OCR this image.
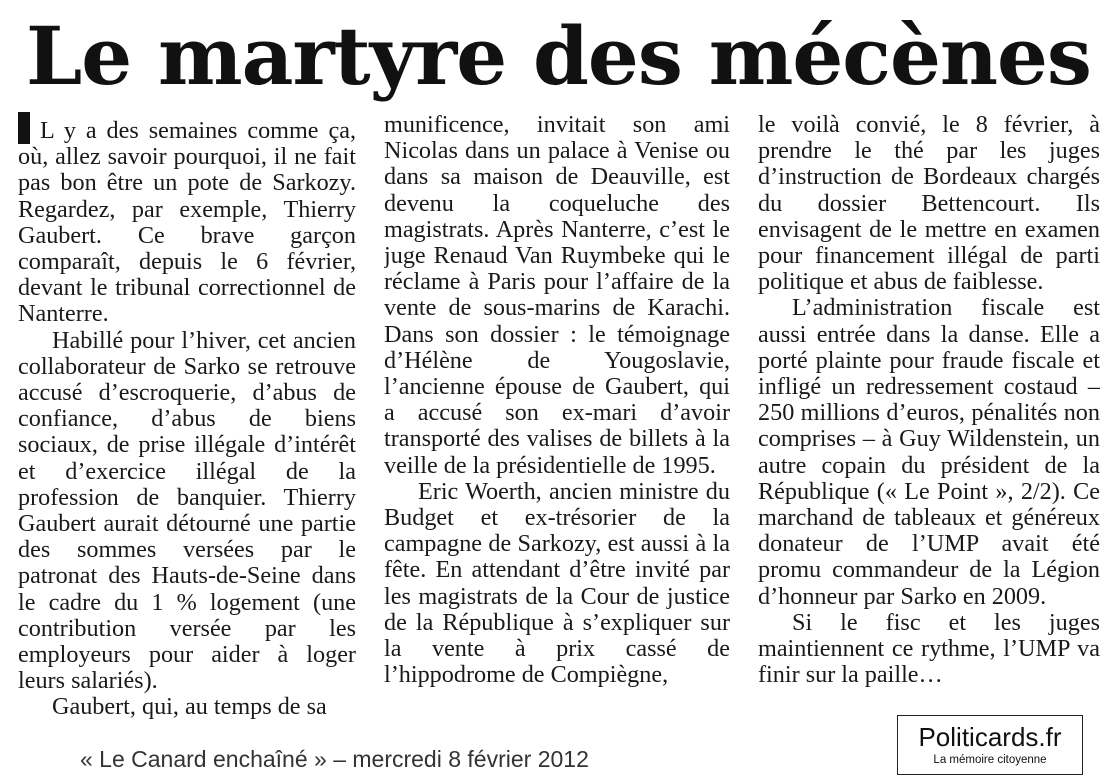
Le martyre des mécènes

L y a des semaines comme ça, où, allez savoir pourquoi, il ne fait pas bon être un pote de Sarkozy. Regardez, par exemple, Thierry Gaubert. Ce brave garçon comparaît, depuis le 6 février, devant le tribunal correctionnel de Nanterre.

Habillé pour l’hiver, cet ancien collaborateur de Sarko se retrouve accusé d’escroquerie, d’abus de confiance, d’abus de biens sociaux, de prise illégale d’intérêt et d’exercice illégal de la profession de banquier. Thierry Gaubert aurait détourné une partie des sommes versées par le patronat des Hauts-de-Seine dans le cadre du 1 % logement (une contribution versée par les employeurs pour aider à loger leurs salariés).

Gaubert, qui, au temps de sa

munificence, invitait son ami Nicolas dans un palace à Venise ou dans sa maison de Deauville, est devenu la coqueluche des magistrats. Après Nanterre, c’est le juge Renaud Van Ruymbeke qui le réclame à Paris pour l’affaire de la vente de sous-marins de Karachi. Dans son dossier : le témoignage d’Hélène de Yougoslavie, l’ancienne épouse de Gaubert, qui a accusé son ex-mari d’avoir transporté des valises de billets à la veille de la présidentielle de 1995.

Eric Woerth, ancien ministre du Budget et ex-trésorier de la campagne de Sarkozy, est aussi à la fête. En attendant d’être invité par les magistrats de la Cour de justice de la République à s’expliquer sur la vente à prix cassé de l’hippodrome de Compiègne,

le voilà convié, le 8 février, à prendre le thé par les juges d’instruction de Bordeaux chargés du dossier Bettencourt. Ils envisagent de le mettre en examen pour financement illégal de parti politique et abus de faiblesse.

L’administration fiscale est aussi entrée dans la danse. Elle a porté plainte pour fraude fiscale et infligé un redressement costaud – 250 millions d’euros, pénalités non comprises – à Guy Wildenstein, un autre copain du président de la République (« Le Point », 2/2). Ce marchand de tableaux et généreux donateur de l’UMP avait été promu commandeur de la Légion d’honneur par Sarko en 2009.

Si le fisc et les juges maintiennent ce rythme, l’UMP va finir sur la paille…

« Le Canard enchaîné » – mercredi 8 février 2012
Politicards.fr
La mémoire citoyenne
